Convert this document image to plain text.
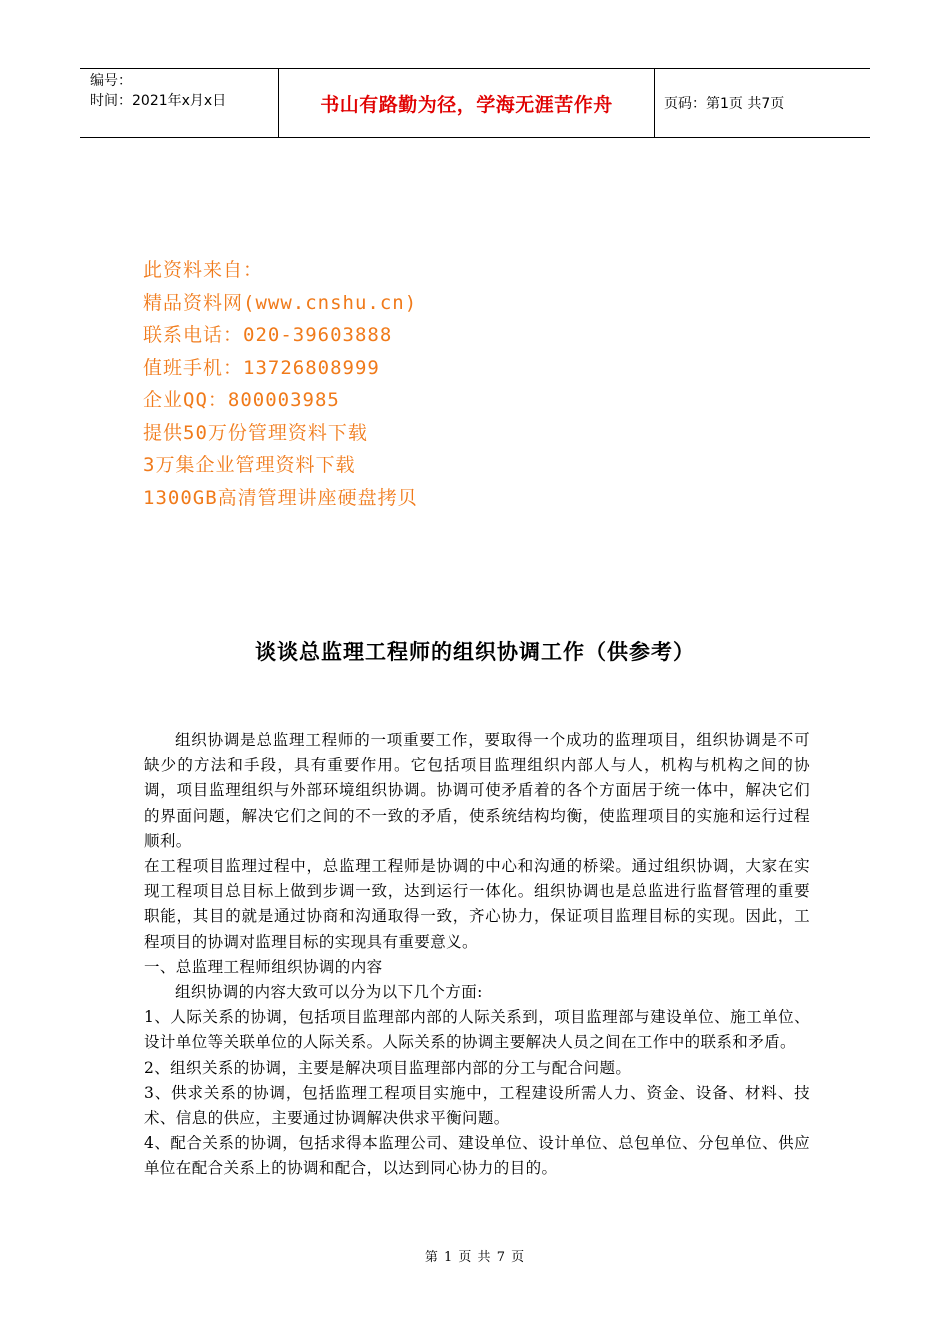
编号：
时间：2021年x月x日	书山有路勤为径，学海无涯苦作舟	页码：第1页 共7页
此资料来自：
精品资料网(www.cnshu.cn)
联系电话：020-39603888
值班手机：13726808999
企业QQ：800003985
提供50万份管理资料下载
3万集企业管理资料下载
1300GB高清管理讲座硬盘拷贝
谈谈总监理工程师的组织协调工作（供参考）

组织协调是总监理工程师的一项重要工作，要取得一个成功的监理项目，组织协调是不可缺少的方法和手段，具有重要作用。它包括项目监理组织内部人与人，机构与机构之间的协调，项目监理组织与外部环境组织协调。协调可使矛盾着的各个方面居于统一体中，解决它们的界面问题，解决它们之间的不一致的矛盾，使系统结构均衡，使监理项目的实施和运行过程顺利。

在工程项目监理过程中，总监理工程师是协调的中心和沟通的桥梁。通过组织协调，大家在实现工程项目总目标上做到步调一致，达到运行一体化。组织协调也是总监进行监督管理的重要职能，其目的就是通过协商和沟通取得一致，齐心协力，保证项目监理目标的实现。因此，工程项目的协调对监理目标的实现具有重要意义。

一、总监理工程师组织协调的内容

组织协调的内容大致可以分为以下几个方面:

1、人际关系的协调，包括项目监理部内部的人际关系到，项目监理部与建设单位、施工单位、设计单位等关联单位的人际关系。人际关系的协调主要解决人员之间在工作中的联系和矛盾。

2、组织关系的协调，主要是解决项目监理部内部的分工与配合问题。

3、供求关系的协调，包括监理工程项目实施中，工程建设所需人力、资金、设备、材料、技术、信息的供应，主要通过协调解决供求平衡问题。

4、配合关系的协调，包括求得本监理公司、建设单位、设计单位、总包单位、分包单位、供应单位在配合关系上的协调和配合，以达到同心协力的目的。

第 1 页 共 7 页
